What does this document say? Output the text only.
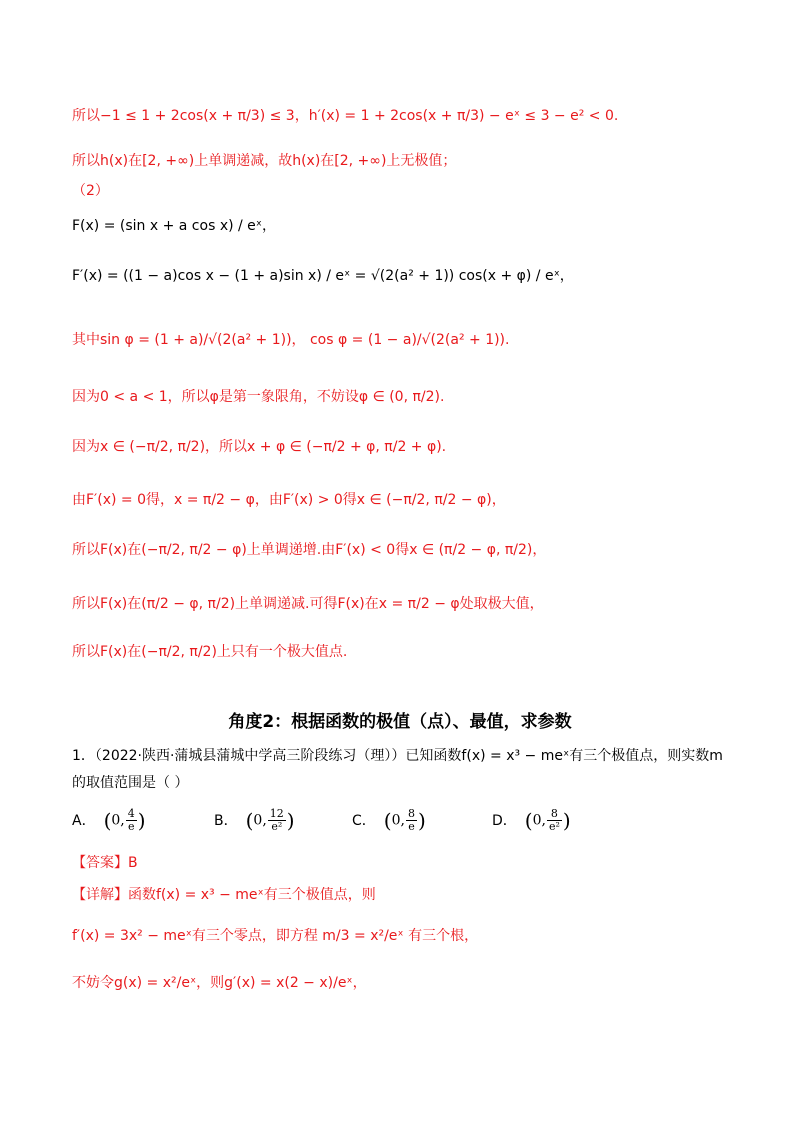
所以−1 ≤ 1 + 2cos(x + π/3) ≤ 3，h′(x) = 1 + 2cos(x + π/3) − eˣ ≤ 3 − e² < 0.
所以h(x)在[2, +∞)上单调递减，故h(x)在[2, +∞)上无极值；
（2）
F(x) = (sin x + a cos x) / eˣ，
F′(x) = ((1 − a)cos x − (1 + a)sin x) / eˣ = √(2(a² + 1)) cos(x + φ) / eˣ，
其中sin φ = (1 + a)/√(2(a² + 1))， cos φ = (1 − a)/√(2(a² + 1)).
因为0 < a < 1，所以φ是第一象限角，不妨设φ ∈ (0, π/2).
因为x ∈ (−π/2, π/2)，所以x + φ ∈ (−π/2 + φ, π/2 + φ).
由F′(x) = 0得，x = π/2 − φ，由F′(x) > 0得x ∈ (−π/2, π/2 − φ)，
所以F(x)在(−π/2, π/2 − φ)上单调递增.由F′(x) < 0得x ∈ (π/2 − φ, π/2)，
所以F(x)在(π/2 − φ, π/2)上单调递减.可得F(x)在x = π/2 − φ处取极大值，
所以F(x)在(−π/2, π/2)上只有一个极大值点.
角度2：根据函数的极值（点）、最值，求参数
1．（2022·陕西·蒲城县蒲城中学高三阶段练习（理））已知函数f(x) = x³ − meˣ有三个极值点，则实数m
的取值范围是（ ）
A． (0, $\frac{4}{e}$ )	B． (0, $\frac{12}{\text{e²}}$ )	C． (0, $\frac{8}{e}$ )	D． (0, $\frac{8}{\text{e²}}$ )
【答案】B
【详解】函数f(x) = x³ − meˣ有三个极值点，则
f′(x) = 3x² − meˣ有三个零点，即方程 m/3 = x²/eˣ 有三个根，
不妨令g(x) = x²/eˣ，则g′(x) = x(2 − x)/eˣ，
